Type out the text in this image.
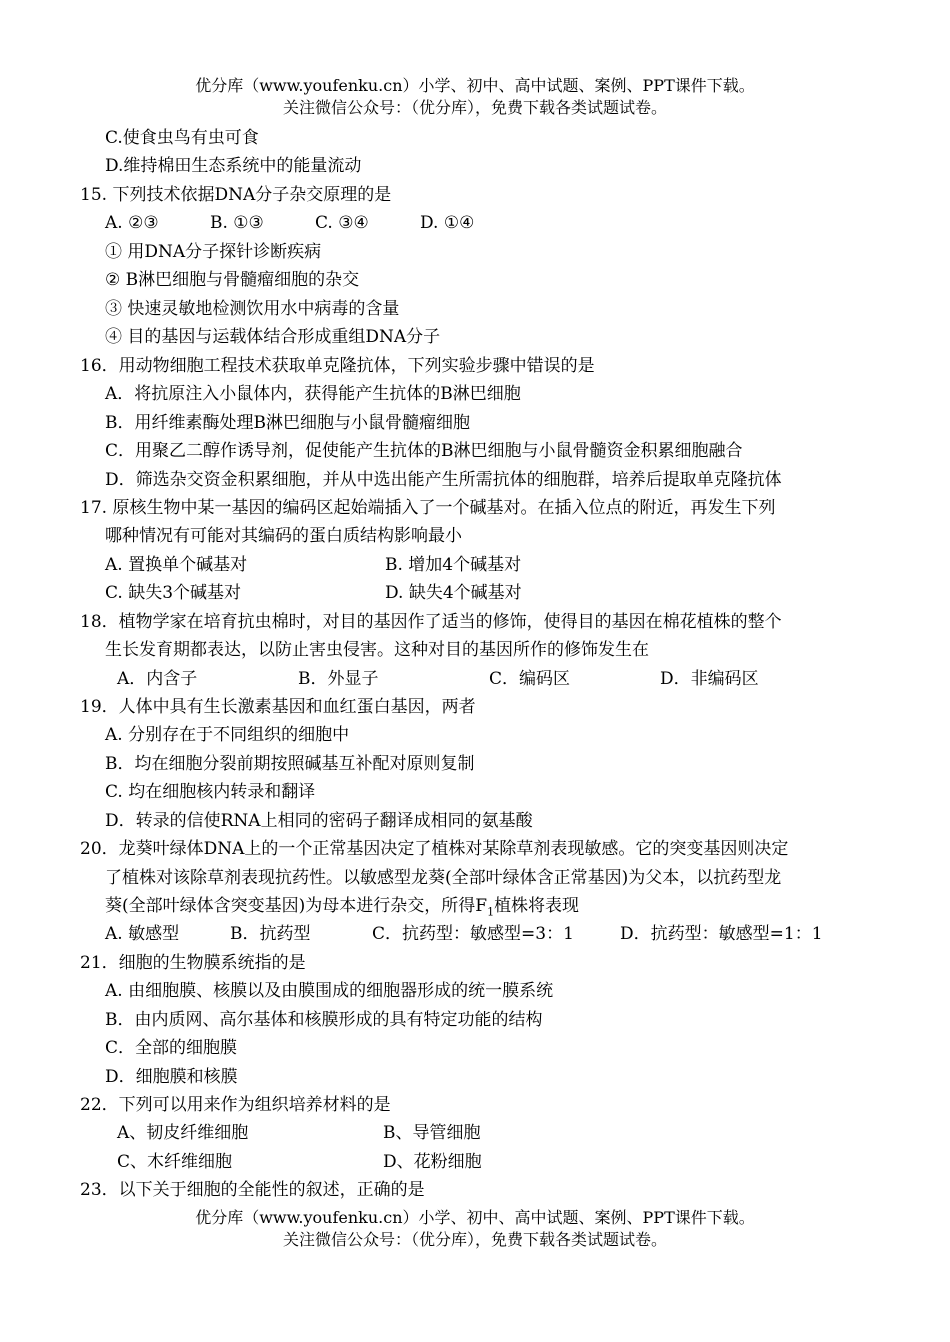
优分库（www.youfenku.cn）小学、初中、高中试题、案例、PPT课件下载。
关注微信公众号：（优分库），免费下载各类试题试卷。
C.使食虫鸟有虫可食
D.维持棉田生态系统中的能量流动
15. 下列技术依据DNA分子杂交原理的是
A. ②③	B. ①③	C. ③④	D. ①④
① 用DNA分子探针诊断疾病
② B淋巴细胞与骨髓瘤细胞的杂交
③ 快速灵敏地检测饮用水中病毒的含量
④ 目的基因与运载体结合形成重组DNA分子
16．用动物细胞工程技术获取单克隆抗体，下列实验步骤中错误的是
A．将抗原注入小鼠体内，获得能产生抗体的B淋巴细胞
B．用纤维素酶处理B淋巴细胞与小鼠骨髓瘤细胞
C．用聚乙二醇作诱导剂，促使能产生抗体的B淋巴细胞与小鼠骨髓资金积累细胞融合
D．筛选杂交资金积累细胞，并从中选出能产生所需抗体的细胞群，培养后提取单克隆抗体
17. 原核生物中某一基因的编码区起始端插入了一个碱基对。在插入位点的附近，再发生下列
哪种情况有可能对其编码的蛋白质结构影响最小
A. 置换单个碱基对	B. 增加4个碱基对
C. 缺失3个碱基对	D. 缺失4个碱基对
18．植物学家在培育抗虫棉时，对目的基因作了适当的修饰，使得目的基因在棉花植株的整个
生长发育期都表达，以防止害虫侵害。这种对目的基因所作的修饰发生在
A．内含子	B．外显子	C．编码区	D．非编码区
19．人体中具有生长激素基因和血红蛋白基因，两者
A. 分别存在于不同组织的细胞中
B．均在细胞分裂前期按照碱基互补配对原则复制
C. 均在细胞核内转录和翻译
D．转录的信使RNA上相同的密码子翻译成相同的氨基酸
20．龙葵叶绿体DNA上的一个正常基因决定了植株对某除草剂表现敏感。它的突变基因则决定
了植株对该除草剂表现抗药性。以敏感型龙葵(全部叶绿体含正常基因)为父本，以抗药型龙
葵(全部叶绿体含突变基因)为母本进行杂交，所得$F_1$植株将表现
A. 敏感型	B．抗药型	C．抗药型：敏感型=3：1	D．抗药型：敏感型=1：1
21．细胞的生物膜系统指的是
A. 由细胞膜、核膜以及由膜围成的细胞器形成的统一膜系统
B．由内质网、高尔基体和核膜形成的具有特定功能的结构
C．全部的细胞膜
D．细胞膜和核膜
22．下列可以用来作为组织培养材料的是
A、韧皮纤维细胞	B、导管细胞
C、木纤维细胞	D、花粉细胞
23．以下关于细胞的全能性的叙述，正确的是
优分库（www.youfenku.cn）小学、初中、高中试题、案例、PPT课件下载。
关注微信公众号：（优分库），免费下载各类试题试卷。
